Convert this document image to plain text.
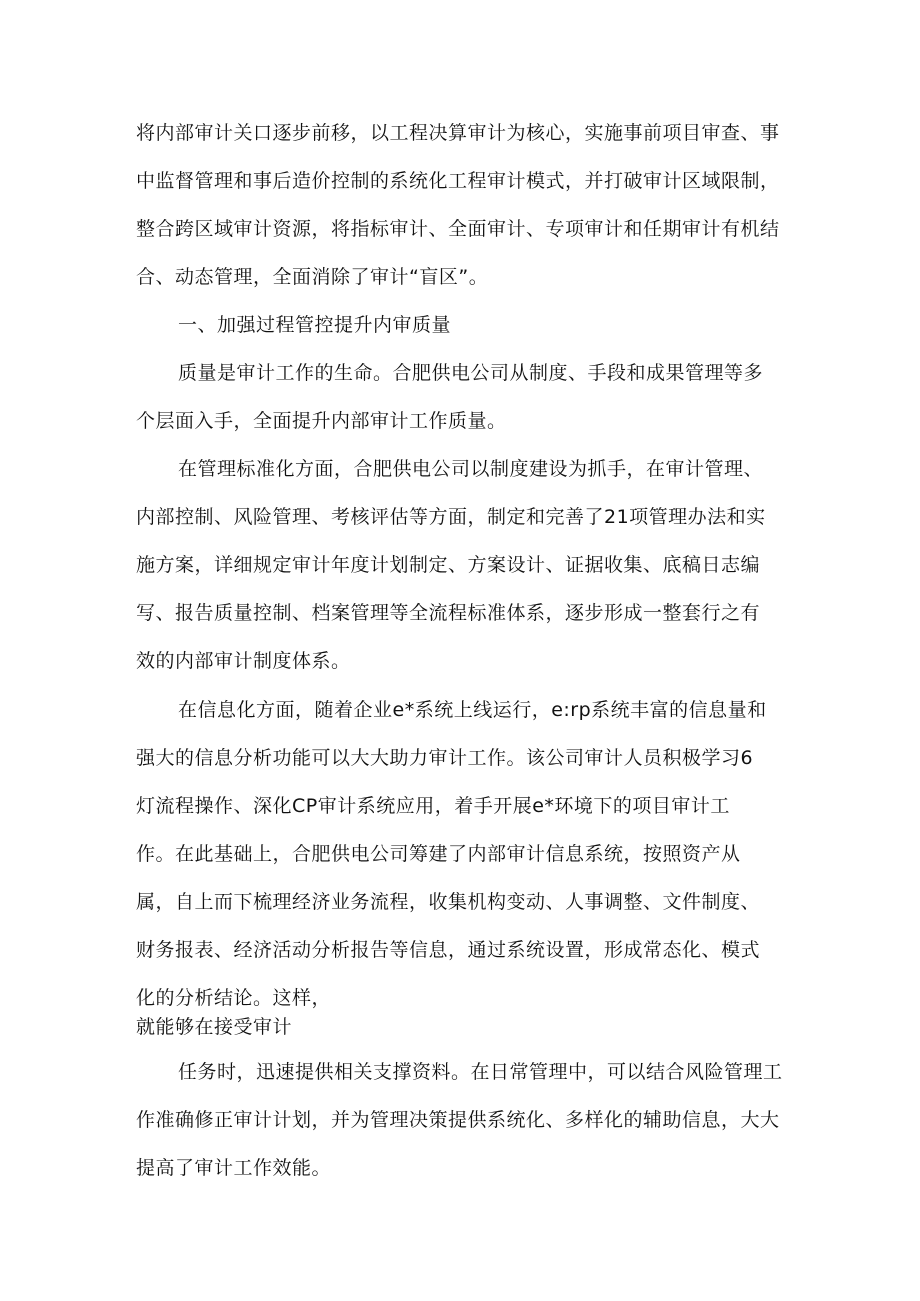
将内部审计关口逐步前移，以工程决算审计为核心，实施事前项目审查、事
中监督管理和事后造价控制的系统化工程审计模式，并打破审计区域限制，
整合跨区域审计资源，将指标审计、全面审计、专项审计和任期审计有机结
合、动态管理，全面消除了审计“盲区”。
一、加强过程管控提升内审质量
质量是审计工作的生命。合肥供电公司从制度、手段和成果管理等多
个层面入手，全面提升内部审计工作质量。
在管理标准化方面，合肥供电公司以制度建设为抓手，在审计管理、
内部控制、风险管理、考核评估等方面，制定和完善了21项管理办法和实
施方案，详细规定审计年度计划制定、方案设计、证据收集、底稿日志编
写、报告质量控制、档案管理等全流程标准体系，逐步形成一整套行之有
效的内部审计制度体系。
在信息化方面，随着企业e*系统上线运行，e:rp系统丰富的信息量和
强大的信息分析功能可以大大助力审计工作。该公司审计人员积极学习6
灯流程操作、深化CP审计系统应用，着手开展e*环境下的项目审计工
作。在此基础上，合肥供电公司筹建了内部审计信息系统，按照资产从
属，自上而下梳理经济业务流程，收集机构变动、人事调整、文件制度、
财务报表、经济活动分析报告等信息，通过系统设置，形成常态化、模式
化的分析结论。这样，
就能够在接受审计
任务时，迅速提供相关支撑资料。在日常管理中，可以结合风险管理工
作准确修正审计计划，并为管理决策提供系统化、多样化的辅助信息，大大
提高了审计工作效能。
